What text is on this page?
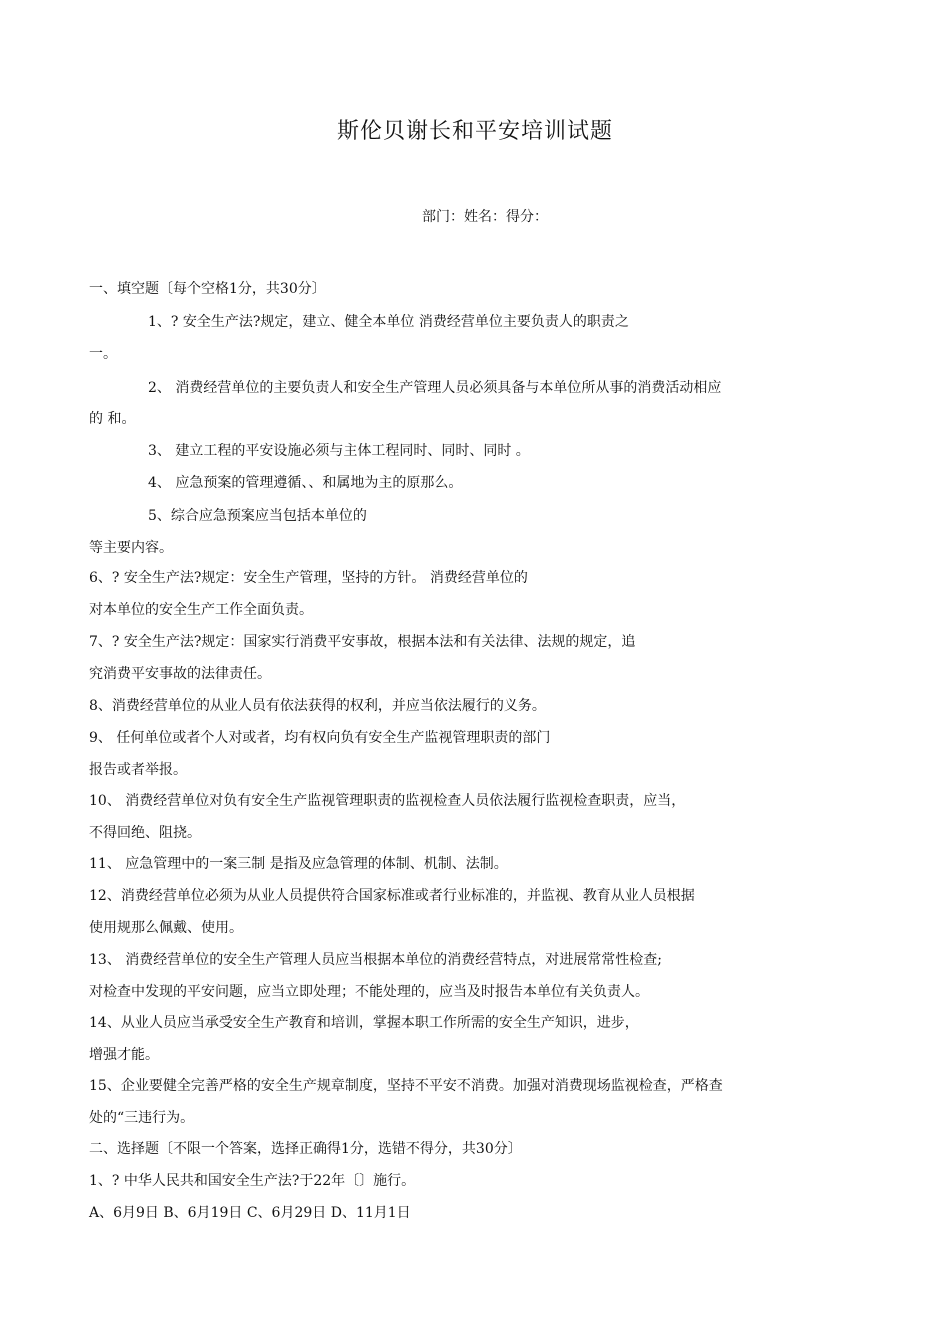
斯伦贝谢长和平安培训试题
部门：姓名：得分：
一、填空题〔每个空格1分，共30分〕
1、? 安全生产法?规定，建立、健全本单位 消费经营单位主要负责人的职责之
一。
2、 消费经营单位的主要负责人和安全生产管理人员必须具备与本单位所从事的消费活动相应
的 和。
3、 建立工程的平安设施必须与主体工程同时、同时、同时 。
4、 应急预案的管理遵循、、和属地为主的原那么。
5、综合应急预案应当包括本单位的
等主要内容。
6、? 安全生产法?规定：安全生产管理，坚持的方针。 消费经营单位的
对本单位的安全生产工作全面负责。
7、? 安全生产法?规定：国家实行消费平安事故，根据本法和有关法律、法规的规定，追
究消费平安事故的法律责任。
8、消费经营单位的从业人员有依法获得的权利，并应当依法履行的义务。
9、 任何单位或者个人对或者，均有权向负有安全生产监视管理职责的部门
报告或者举报。
10、 消费经营单位对负有安全生产监视管理职责的监视检查人员依法履行监视检查职责，应当，
不得回绝、阻挠。
11、 应急管理中的一案三制 是指及应急管理的体制、机制、法制。
12、消费经营单位必须为从业人员提供符合国家标准或者行业标准的，并监视、教育从业人员根据
使用规那么佩戴、使用。
13、 消费经营单位的安全生产管理人员应当根据本单位的消费经营特点，对进展常常性检查;
对检查中发现的平安问题，应当立即处理；不能处理的，应当及时报告本单位有关负责人。
14、从业人员应当承受安全生产教育和培训，掌握本职工作所需的安全生产知识，进步，
增强才能。
15、企业要健全完善严格的安全生产规章制度，坚持不平安不消费。加强对消费现场监视检查，严格查
处的“三违行为。
二、选择题〔不限一个答案，选择正确得1分，选错不得分，共30分〕
1、? 中华人民共和国安全生产法?于22年〔〕施行。
A、6月9日 B、6月19日 C、6月29日 D、11月1日
